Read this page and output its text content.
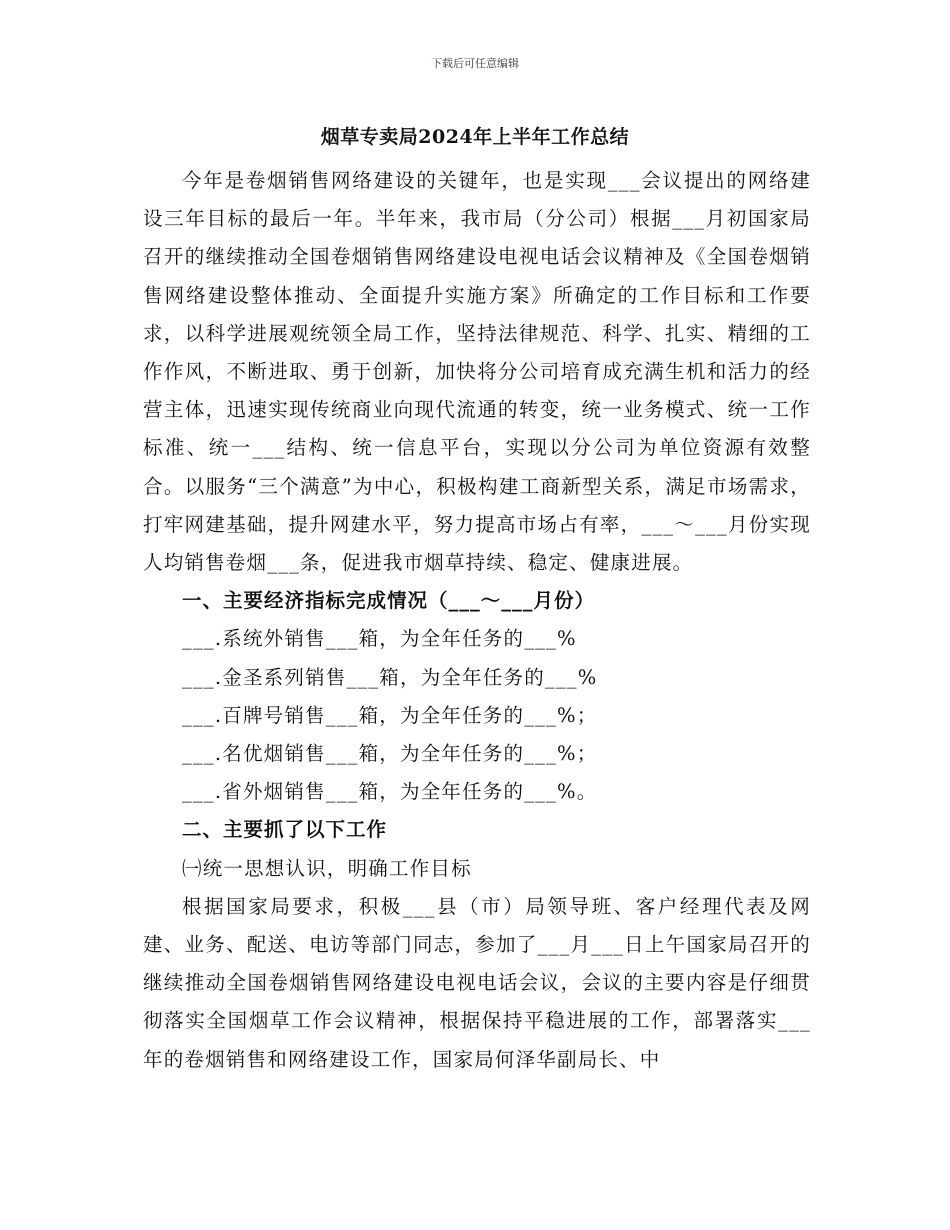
下载后可任意编辑
烟草专卖局2024年上半年工作总结

今年是卷烟销售网络建设的关键年，也是实现___会议提出的网络建设三年目标的最后一年。半年来，我市局（分公司）根据___月初国家局召开的继续推动全国卷烟销售网络建设电视电话会议精神及《全国卷烟销售网络建设整体推动、全面提升实施方案》所确定的工作目标和工作要求，以科学进展观统领全局工作，坚持法律规范、科学、扎实、精细的工作作风，不断进取、勇于创新，加快将分公司培育成充满生机和活力的经营主体，迅速实现传统商业向现代流通的转变，统一业务模式、统一工作标准、统一___结构、统一信息平台，实现以分公司为单位资源有效整合。以服务“三个满意”为中心，积极构建工商新型关系，满足市场需求，打牢网建基础，提升网建水平，努力提高市场占有率，___～___月份实现人均销售卷烟___条，促进我市烟草持续、稳定、健康进展。

一、主要经济指标完成情况（___～___月份）

___.系统外销售___箱，为全年任务的___%

___.金圣系列销售___箱，为全年任务的___%

___.百牌号销售___箱，为全年任务的___%；

___.名优烟销售___箱，为全年任务的___%；

___.省外烟销售___箱，为全年任务的___%。

二、主要抓了以下工作

㈠统一思想认识，明确工作目标

根据国家局要求，积极___县（市）局领导班、客户经理代表及网建、业务、配送、电访等部门同志，参加了___月___日上午国家局召开的继续推动全国卷烟销售网络建设电视电话会议，会议的主要内容是仔细贯彻落实全国烟草工作会议精神，根据保持平稳进展的工作，部署落实___年的卷烟销售和网络建设工作，国家局何泽华副局长、中
